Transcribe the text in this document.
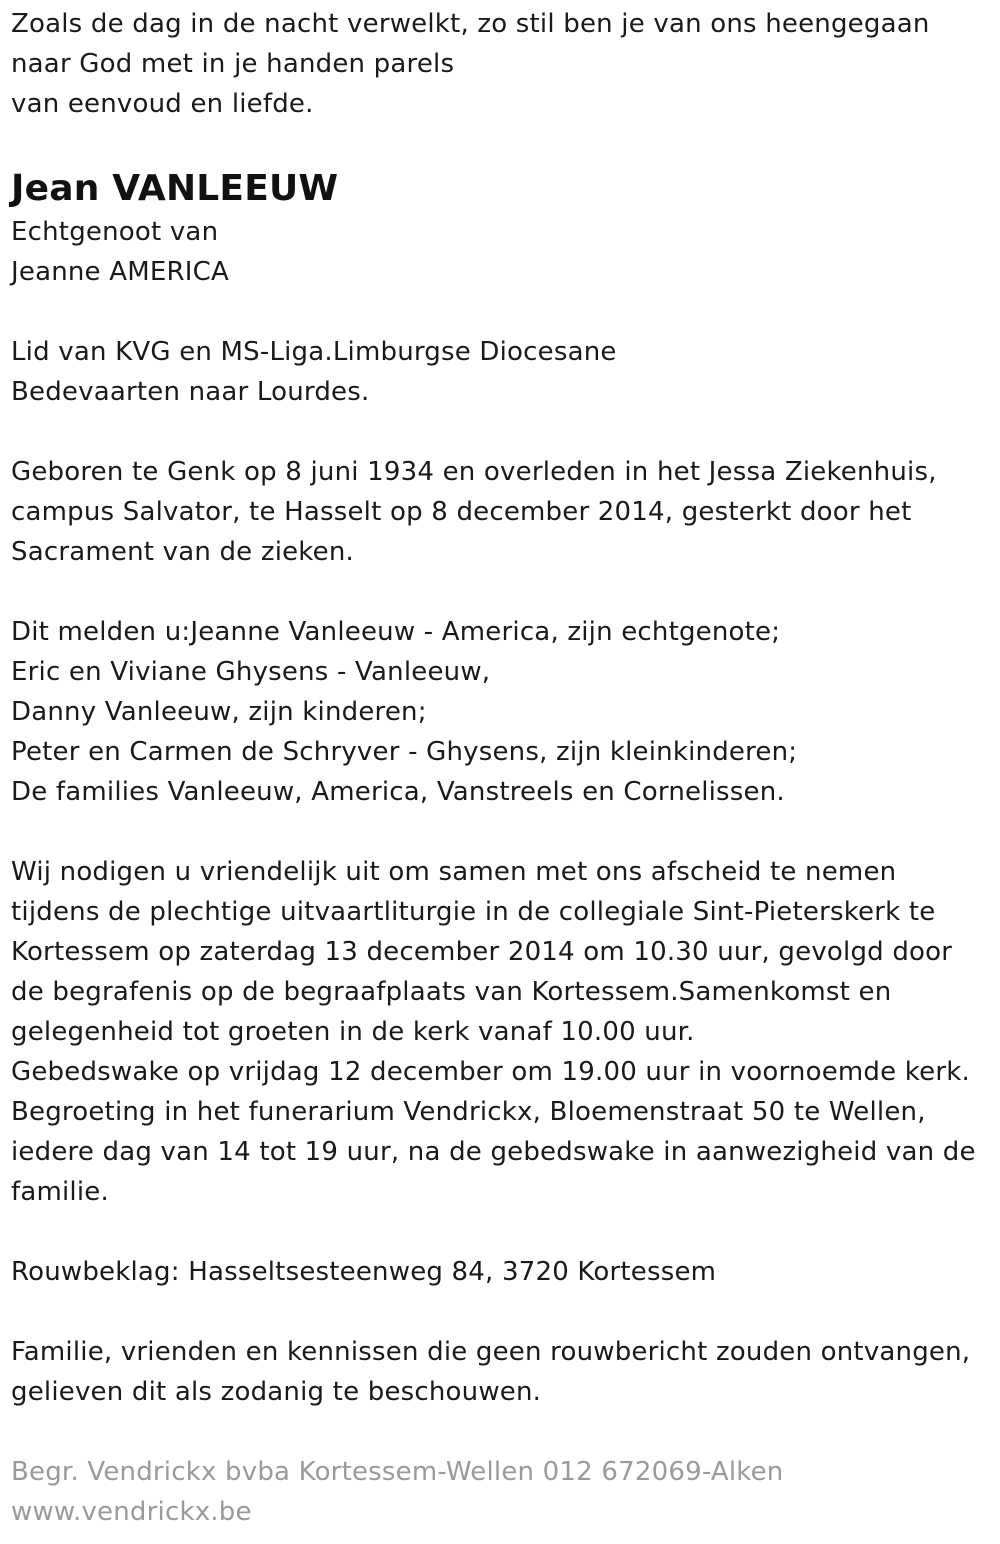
Zoals de dag in de nacht verwelkt, zo stil ben je van ons heengegaan
naar God met in je handen parels
van eenvoud en liefde.
Jean VANLEEUW
Echtgenoot van
Jeanne AMERICA
Lid van KVG en MS-Liga.Limburgse Diocesane
Bedevaarten naar Lourdes.
Geboren te Genk op 8 juni 1934 en overleden in het Jessa Ziekenhuis,
campus Salvator, te Hasselt op 8 december 2014, gesterkt door het
Sacrament van de zieken.
Dit melden u:Jeanne Vanleeuw - America, zijn echtgenote;
Eric en Viviane Ghysens - Vanleeuw,
Danny Vanleeuw, zijn kinderen;
Peter en Carmen de Schryver - Ghysens, zijn kleinkinderen;
De families Vanleeuw, America, Vanstreels en Cornelissen.
Wij nodigen u vriendelijk uit om samen met ons afscheid te nemen
tijdens de plechtige uitvaartliturgie in de collegiale Sint-Pieterskerk te
Kortessem op zaterdag 13 december 2014 om 10.30 uur, gevolgd door
de begrafenis op de begraafplaats van Kortessem.Samenkomst en
gelegenheid tot groeten in de kerk vanaf 10.00 uur.
Gebedswake op vrijdag 12 december om 19.00 uur in voornoemde kerk.
Begroeting in het funerarium Vendrickx, Bloemenstraat 50 te Wellen,
iedere dag van 14 tot 19 uur, na de gebedswake in aanwezigheid van de
familie.
Rouwbeklag: Hasseltsesteenweg 84, 3720 Kortessem
Familie, vrienden en kennissen die geen rouwbericht zouden ontvangen,
gelieven dit als zodanig te beschouwen.
Begr. Vendrickx bvba Kortessem-Wellen 012 672069-Alken
www.vendrickx.be
